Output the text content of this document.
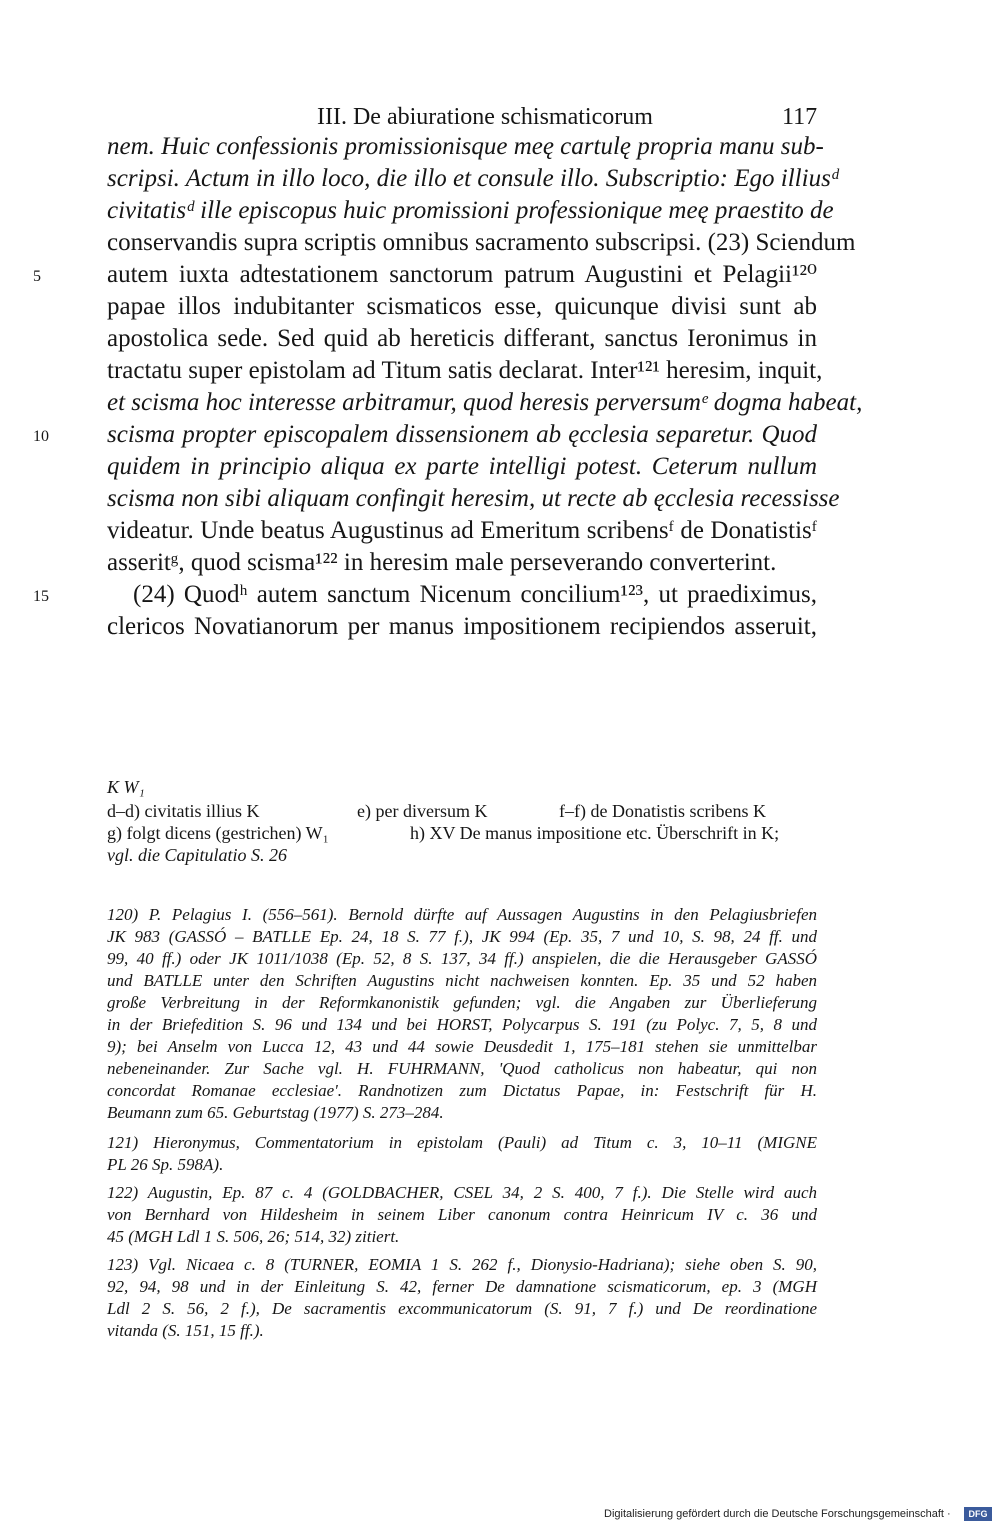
III. De abiuratione schismaticorum	117
nem. Huic confessionis promissionisque meę cartulę propria manu sub-
scripsi. Actum in illo loco, die illo et consule illo. Subscriptio: Ego illiusᵈ
civitatisᵈ ille episcopus huic promissioni professionique meę praestito de
conservandis supra scriptis omnibus sacramento subscripsi. (23) Sciendum
autem iuxta adtestationem sanctorum patrum Augustini et Pelagii¹²⁰
papae illos indubitanter scismaticos esse, quicunque divisi sunt ab
apostolica sede. Sed quid ab hereticis differant, sanctus Ieronimus in
tractatu super epistolam ad Titum satis declarat. Inter¹²¹ heresim, inquit,
et scisma hoc interesse arbitramur, quod heresis perversumᵉ dogma habeat,
scisma propter episcopalem dissensionem ab ęcclesia separetur. Quod
quidem in principio aliqua ex parte intelligi potest. Ceterum nullum
scisma non sibi aliquam confingit heresim, ut recte ab ęcclesia recessisse
videatur. Unde beatus Augustinus ad Emeritum scribensᶠ de Donatistisᶠ
asseritᵍ, quod scisma¹²² in heresim male perseverando converterint.
(24) Quodʰ autem sanctum Nicenum concilium¹²³, ut praediximus,
clericos Novatianorum per manus impositionem recipiendos asseruit,
5
10
15
K W₁
d–d) civitatis illius K	e) per diversum K	f–f) de Donatistis scribens K
g) folgt dicens (gestrichen) W₁	h) XV De manus impositione etc. Überschrift in K;
vgl. die Capitulatio S. 26
120) P. Pelagius I. (556–561). Bernold dürfte auf Aussagen Augustins in den Pelagiusbriefen
JK 983 (GASSÓ – BATLLE Ep. 24, 18 S. 77 f.), JK 994 (Ep. 35, 7 und 10, S. 98, 24 ff. und
99, 40 ff.) oder JK 1011/1038 (Ep. 52, 8 S. 137, 34 ff.) anspielen, die die Herausgeber GASSÓ
und BATLLE unter den Schriften Augustins nicht nachweisen konnten. Ep. 35 und 52 haben
große Verbreitung in der Reformkanonistik gefunden; vgl. die Angaben zur Überlieferung
in der Briefedition S. 96 und 134 und bei HORST, Polycarpus S. 191 (zu Polyc. 7, 5, 8 und
9); bei Anselm von Lucca 12, 43 und 44 sowie Deusdedit 1, 175–181 stehen sie unmittelbar
nebeneinander. Zur Sache vgl. H. FUHRMANN, 'Quod catholicus non habeatur, qui non
concordat Romanae ecclesiae'. Randnotizen zum Dictatus Papae, in: Festschrift für H.
Beumann zum 65. Geburtstag (1977) S. 273–284.
121) Hieronymus, Commentatorium in epistolam (Pauli) ad Titum c. 3, 10–11 (MIGNE
PL 26 Sp. 598A).
122) Augustin, Ep. 87 c. 4 (GOLDBACHER, CSEL 34, 2 S. 400, 7 f.). Die Stelle wird auch
von Bernhard von Hildesheim in seinem Liber canonum contra Heinricum IV c. 36 und
45 (MGH Ldl 1 S. 506, 26; 514, 32) zitiert.
123) Vgl. Nicaea c. 8 (TURNER, EOMIA 1 S. 262 f., Dionysio-Hadriana); siehe oben S. 90,
92, 94, 98 und in der Einleitung S. 42, ferner De damnatione scismaticorum, ep. 3 (MGH
Ldl 2 S. 56, 2 f.), De sacramentis excommunicatorum (S. 91, 7 f.) und De reordinatione
vitanda (S. 151, 15 ff.).
Digitalisierung gefördert durch die Deutsche Forschungsgemeinschaft ·	DFG
